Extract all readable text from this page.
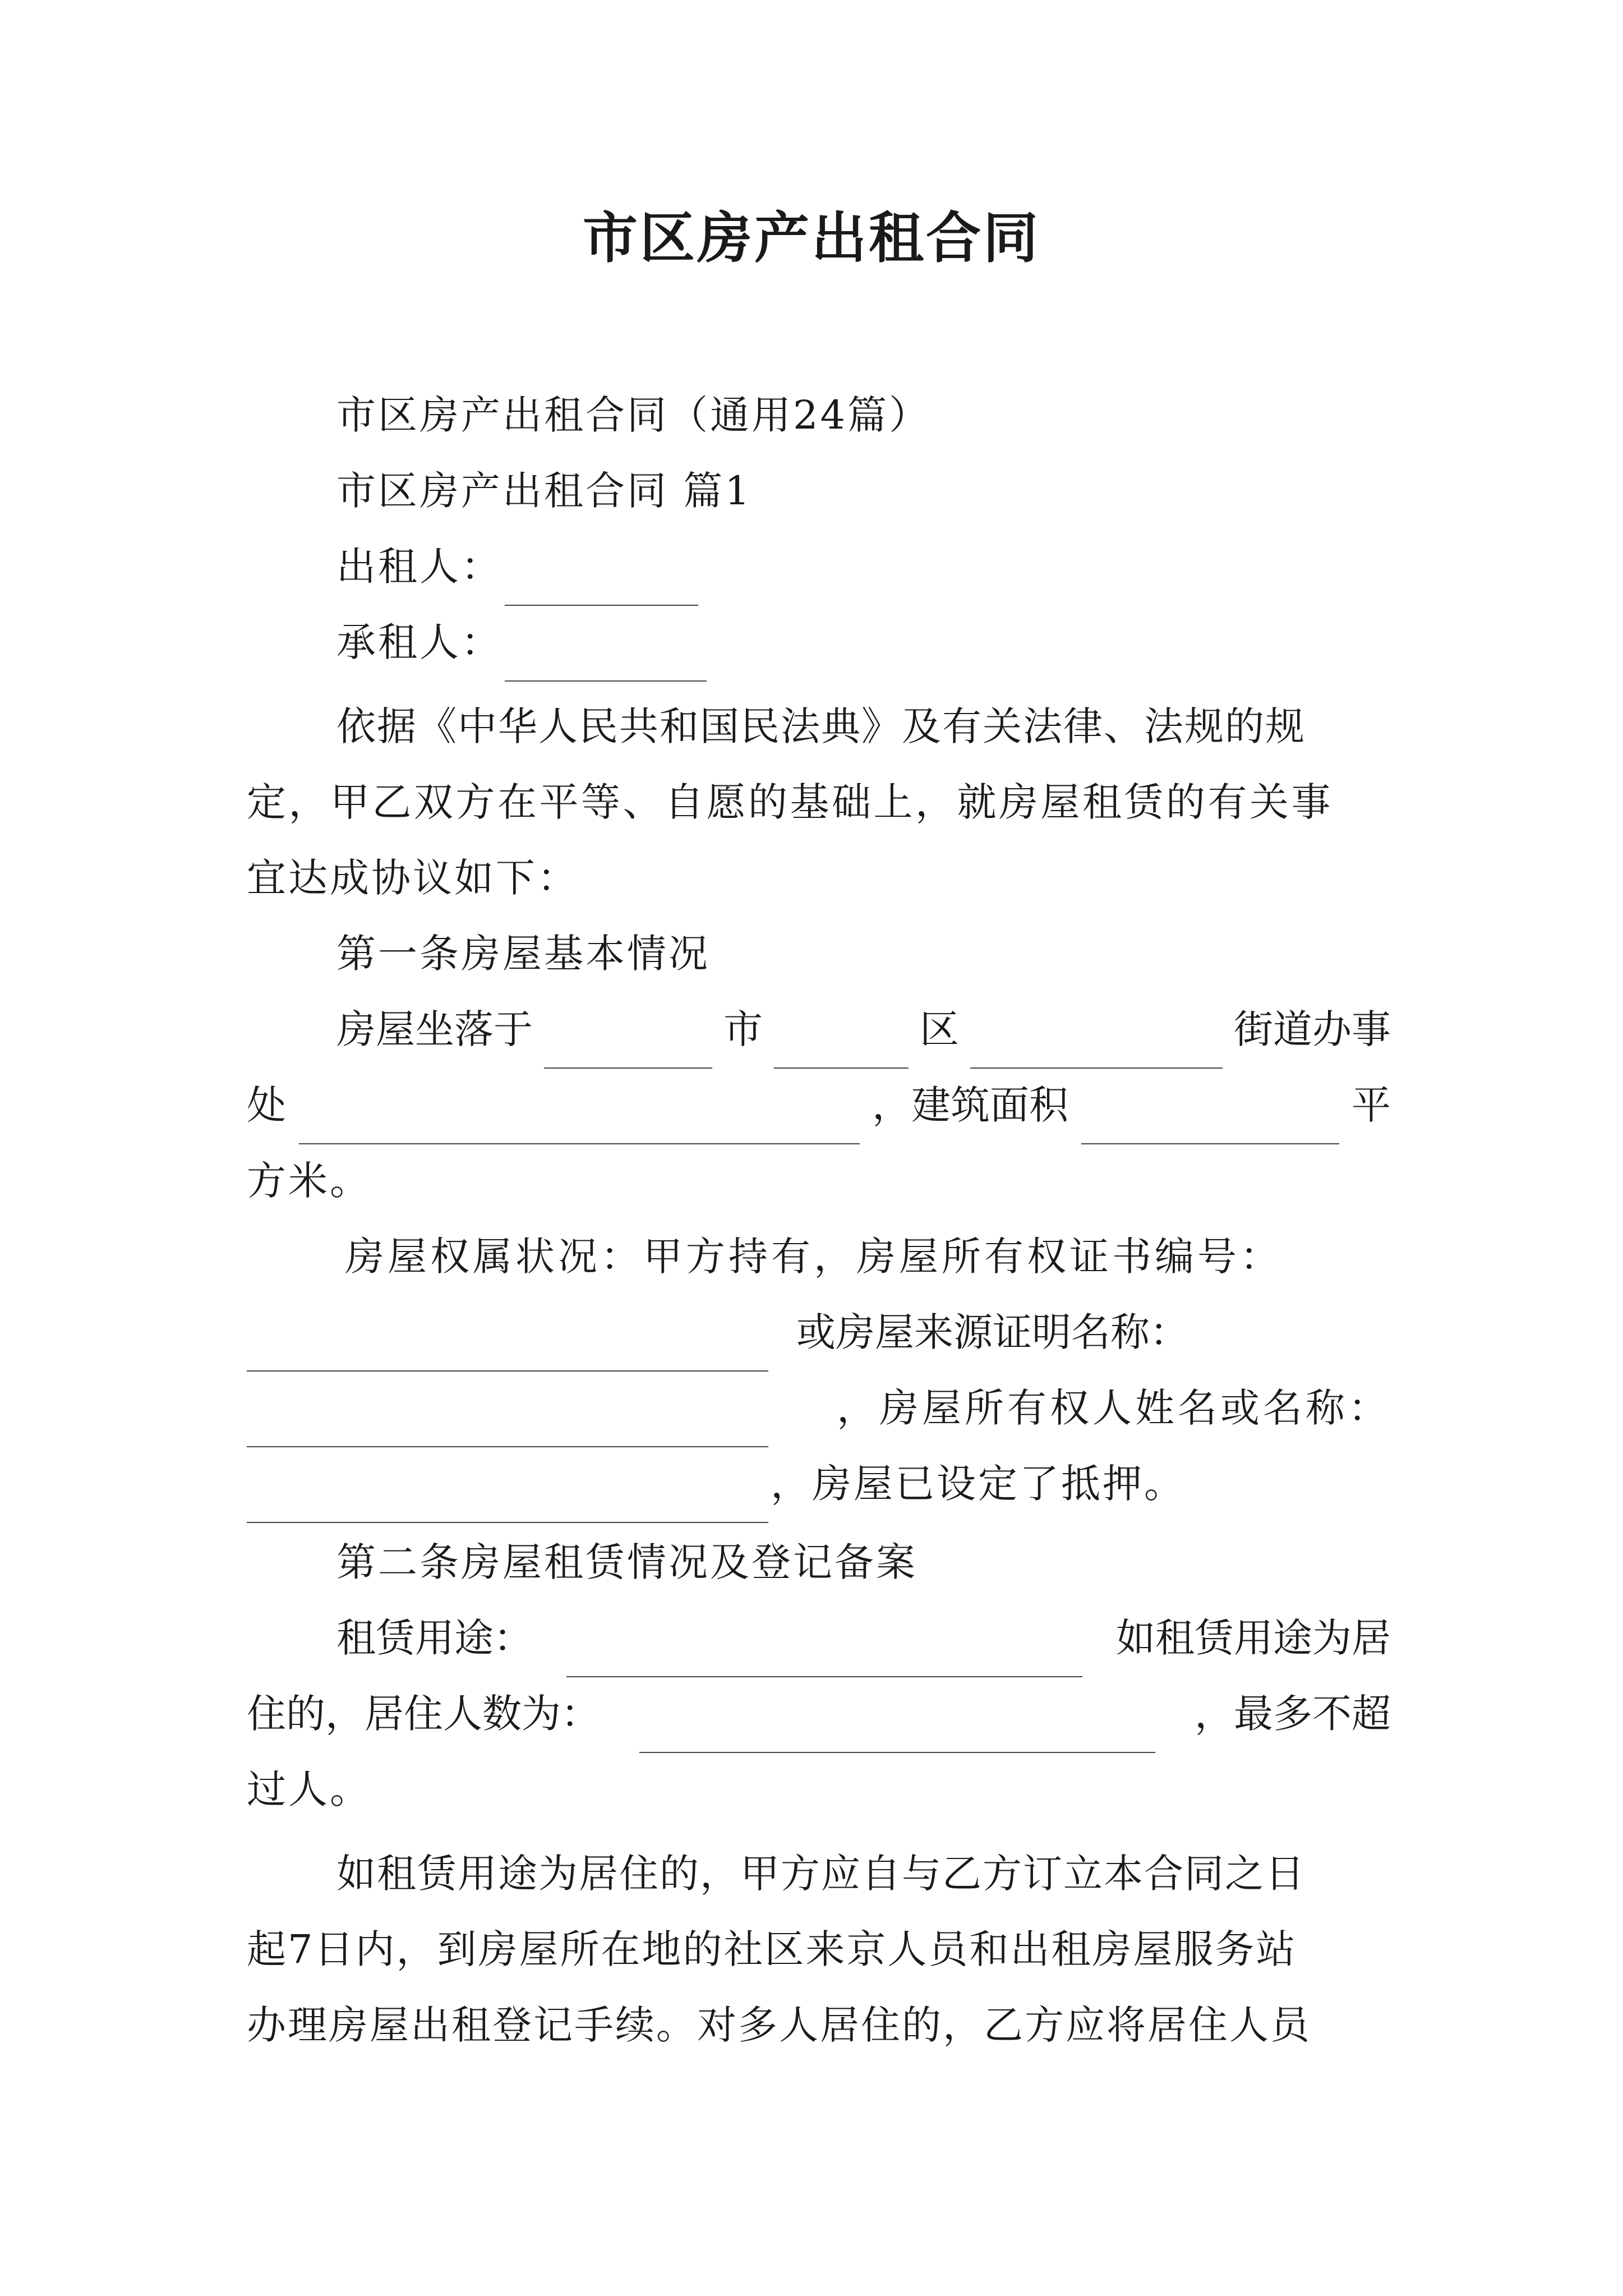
市区房产出租合同
市区房产出租合同（通用24篇）
市区房产出租合同 篇1
出租人：
承租人：
依据《中华人民共和国民法典》及有关法律、法规的规
定，甲乙双方在平等、自愿的基础上，就房屋租赁的有关事
宜达成协议如下：
第一条房屋基本情况
房屋坐落于	市	区	街道办事
处	，建筑面积	平
方米。
房屋权属状况：甲方持有，房屋所有权证书编号：
或房屋来源证明名称：
，房屋所有权人姓名或名称：
，房屋已设定了抵押。
第二条房屋租赁情况及登记备案
租赁用途：	如租赁用途为居
住的，居住人数为：	，最多不超
过人。
如租赁用途为居住的，甲方应自与乙方订立本合同之日
起7日内，到房屋所在地的社区来京人员和出租房屋服务站
办理房屋出租登记手续。对多人居住的，乙方应将居住人员
